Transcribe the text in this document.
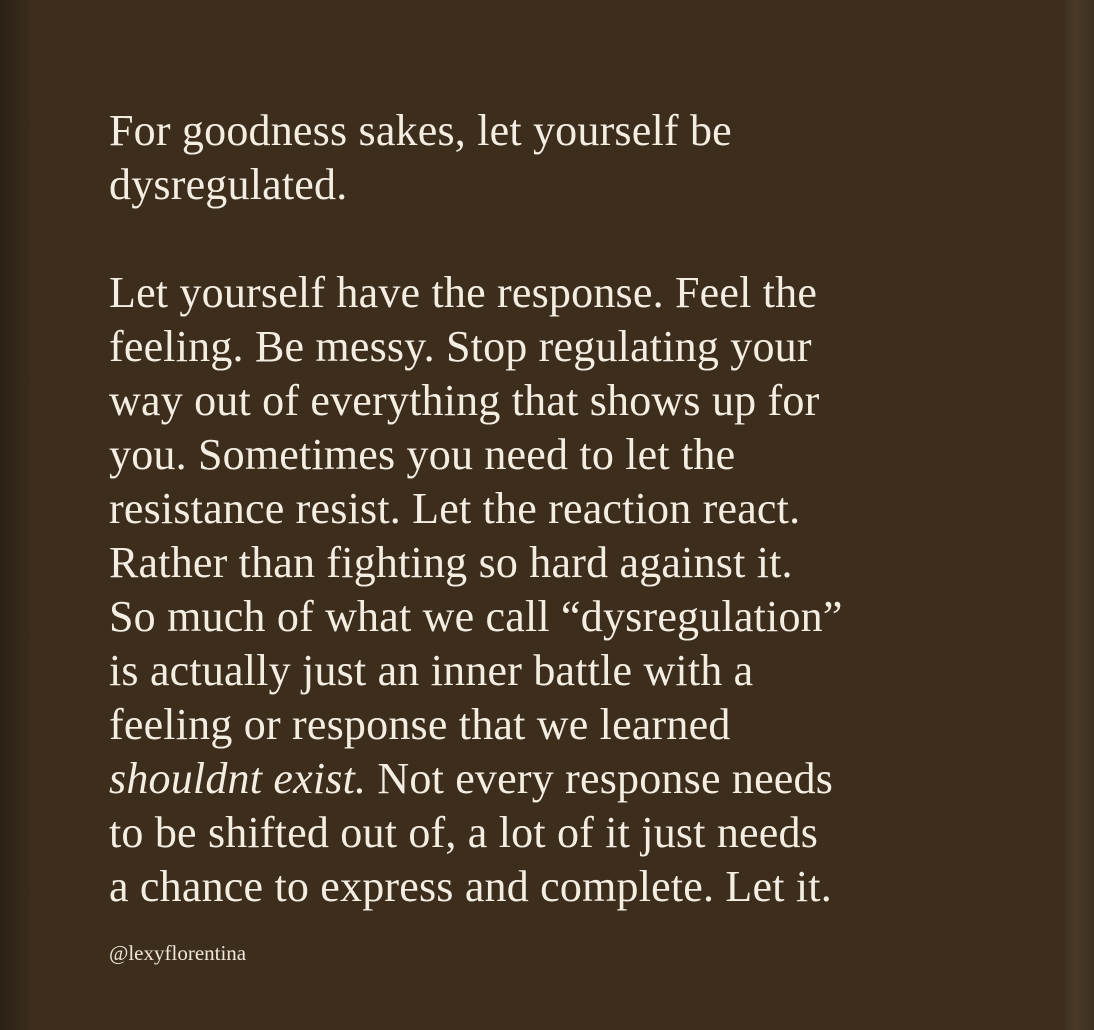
For goodness sakes, let yourself be
dysregulated.
Let yourself have the response. Feel the
feeling. Be messy. Stop regulating your
way out of everything that shows up for
you. Sometimes you need to let the
resistance resist. Let the reaction react.
Rather than fighting so hard against it.
So much of what we call “dysregulation”
is actually just an inner battle with a
feeling or response that we learned
shouldnt exist. Not every response needs
to be shifted out of, a lot of it just needs
a chance to express and complete. Let it.
@lexyflorentina
